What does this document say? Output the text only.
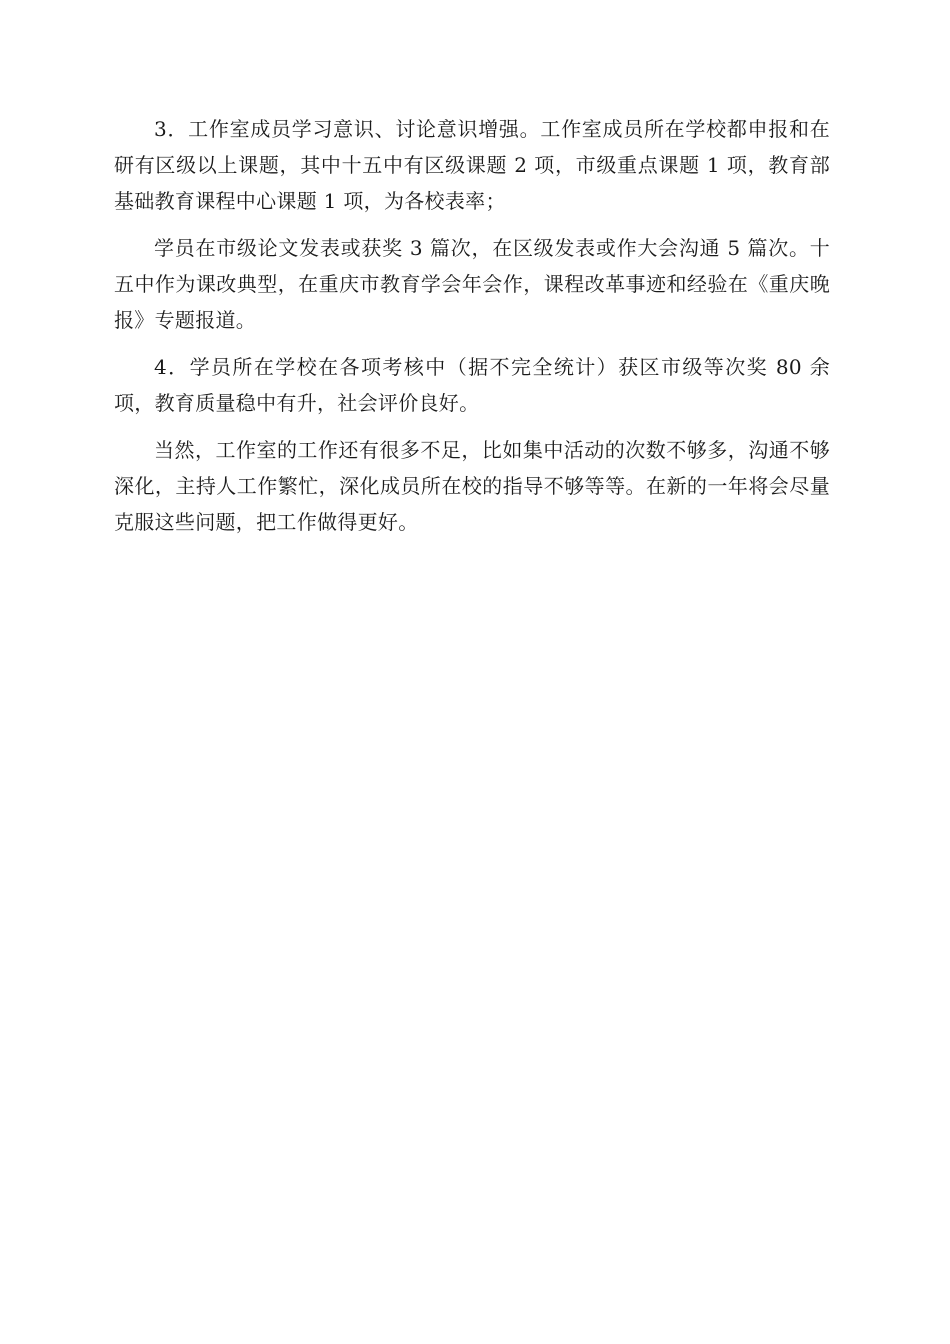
3．工作室成员学习意识、讨论意识增强。工作室成员所在学校都申报和在研有区级以上课题，其中十五中有区级课题 2 项，市级重点课题 1 项，教育部基础教育课程中心课题 1 项，为各校表率；

学员在市级论文发表或获奖 3 篇次，在区级发表或作大会沟通 5 篇次。十五中作为课改典型，在重庆市教育学会年会作，课程改革事迹和经验在《重庆晚报》专题报道。

4．学员所在学校在各项考核中（据不完全统计）获区市级等次奖 80 余项，教育质量稳中有升，社会评价良好。

当然，工作室的工作还有很多不足，比如集中活动的次数不够多，沟通不够深化，主持人工作繁忙，深化成员所在校的指导不够等等。在新的一年将会尽量克服这些问题，把工作做得更好。
